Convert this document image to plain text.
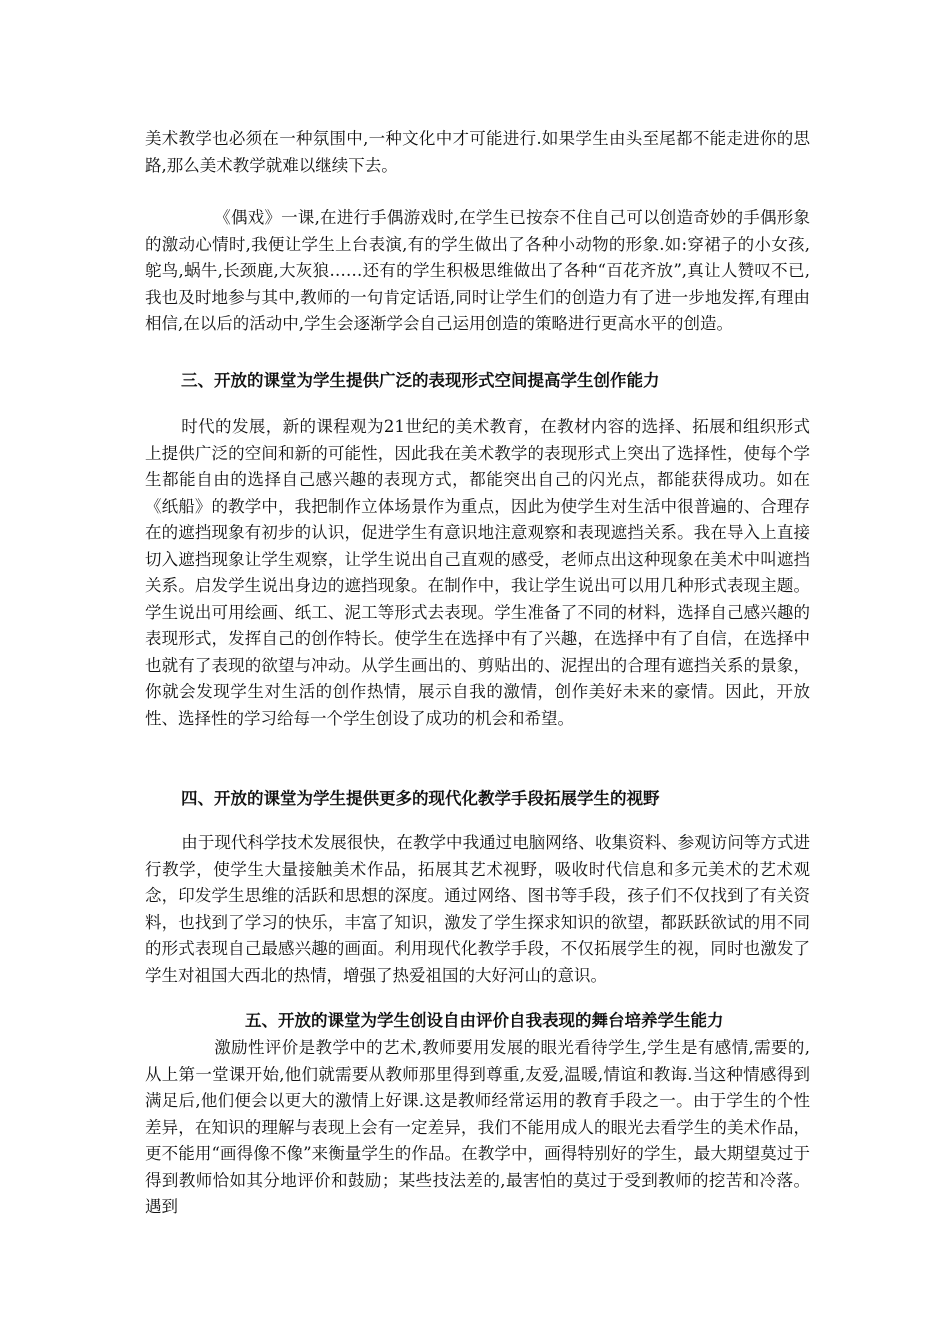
美术教学也必须在一种氛围中,一种文化中才可能进行.如果学生由头至尾都不能走进你的思路,那么美术教学就难以继续下去。

《偶戏》一课,在进行手偶游戏时,在学生已按奈不住自己可以创造奇妙的手偶形象的激动心情时,我便让学生上台表演,有的学生做出了各种小动物的形象.如:穿裙子的小女孩,鸵鸟,蜗牛,长颈鹿,大灰狼……还有的学生积极思维做出了各种“百花齐放”,真让人赞叹不已,我也及时地参与其中,教师的一句肯定话语,同时让学生们的创造力有了进一步地发挥,有理由相信,在以后的活动中,学生会逐渐学会自己运用创造的策略进行更高水平的创造。

三、开放的课堂为学生提供广泛的表现形式空间提高学生创作能力

时代的发展，新的课程观为21世纪的美术教育，在教材内容的选择、拓展和组织形式上提供广泛的空间和新的可能性，因此我在美术教学的表现形式上突出了选择性，使每个学生都能自由的选择自己感兴趣的表现方式，都能突出自己的闪光点，都能获得成功。如在《纸船》的教学中，我把制作立体场景作为重点，因此为使学生对生活中很普遍的、合理存在的遮挡现象有初步的认识，促进学生有意识地注意观察和表现遮挡关系。我在导入上直接切入遮挡现象让学生观察，让学生说出自己直观的感受，老师点出这种现象在美术中叫遮挡关系。启发学生说出身边的遮挡现象。在制作中，我让学生说出可以用几种形式表现主题。学生说出可用绘画、纸工、泥工等形式去表现。学生准备了不同的材料，选择自己感兴趣的表现形式，发挥自己的创作特长。使学生在选择中有了兴趣，在选择中有了自信，在选择中也就有了表现的欲望与冲动。从学生画出的、剪贴出的、泥捏出的合理有遮挡关系的景象，你就会发现学生对生活的创作热情，展示自我的激情，创作美好未来的豪情。因此，开放性、选择性的学习给每一个学生创设了成功的机会和希望。

四、开放的课堂为学生提供更多的现代化教学手段拓展学生的视野

由于现代科学技术发展很快，在教学中我通过电脑网络、收集资料、参观访问等方式进行教学，使学生大量接触美术作品，拓展其艺术视野，吸收时代信息和多元美术的艺术观念，印发学生思维的活跃和思想的深度。通过网络、图书等手段，孩子们不仅找到了有关资料，也找到了学习的快乐，丰富了知识，激发了学生探求知识的欲望，都跃跃欲试的用不同的形式表现自己最感兴趣的画面。利用现代化教学手段，不仅拓展学生的视，同时也激发了学生对祖国大西北的热情，增强了热爱祖国的大好河山的意识。

五、开放的课堂为学生创设自由评价自我表现的舞台培养学生能力

激励性评价是教学中的艺术,教师要用发展的眼光看待学生,学生是有感情,需要的,从上第一堂课开始,他们就需要从教师那里得到尊重,友爱,温暖,情谊和教诲.当这种情感得到满足后,他们便会以更大的激情上好课.这是教师经常运用的教育手段之一。由于学生的个性差异，在知识的理解与表现上会有一定差异，我们不能用成人的眼光去看学生的美术作品，更不能用“画得像不像”来衡量学生的作品。在教学中，画得特别好的学生，最大期望莫过于得到教师恰如其分地评价和鼓励；某些技法差的,最害怕的莫过于受到教师的挖苦和冷落。遇到
